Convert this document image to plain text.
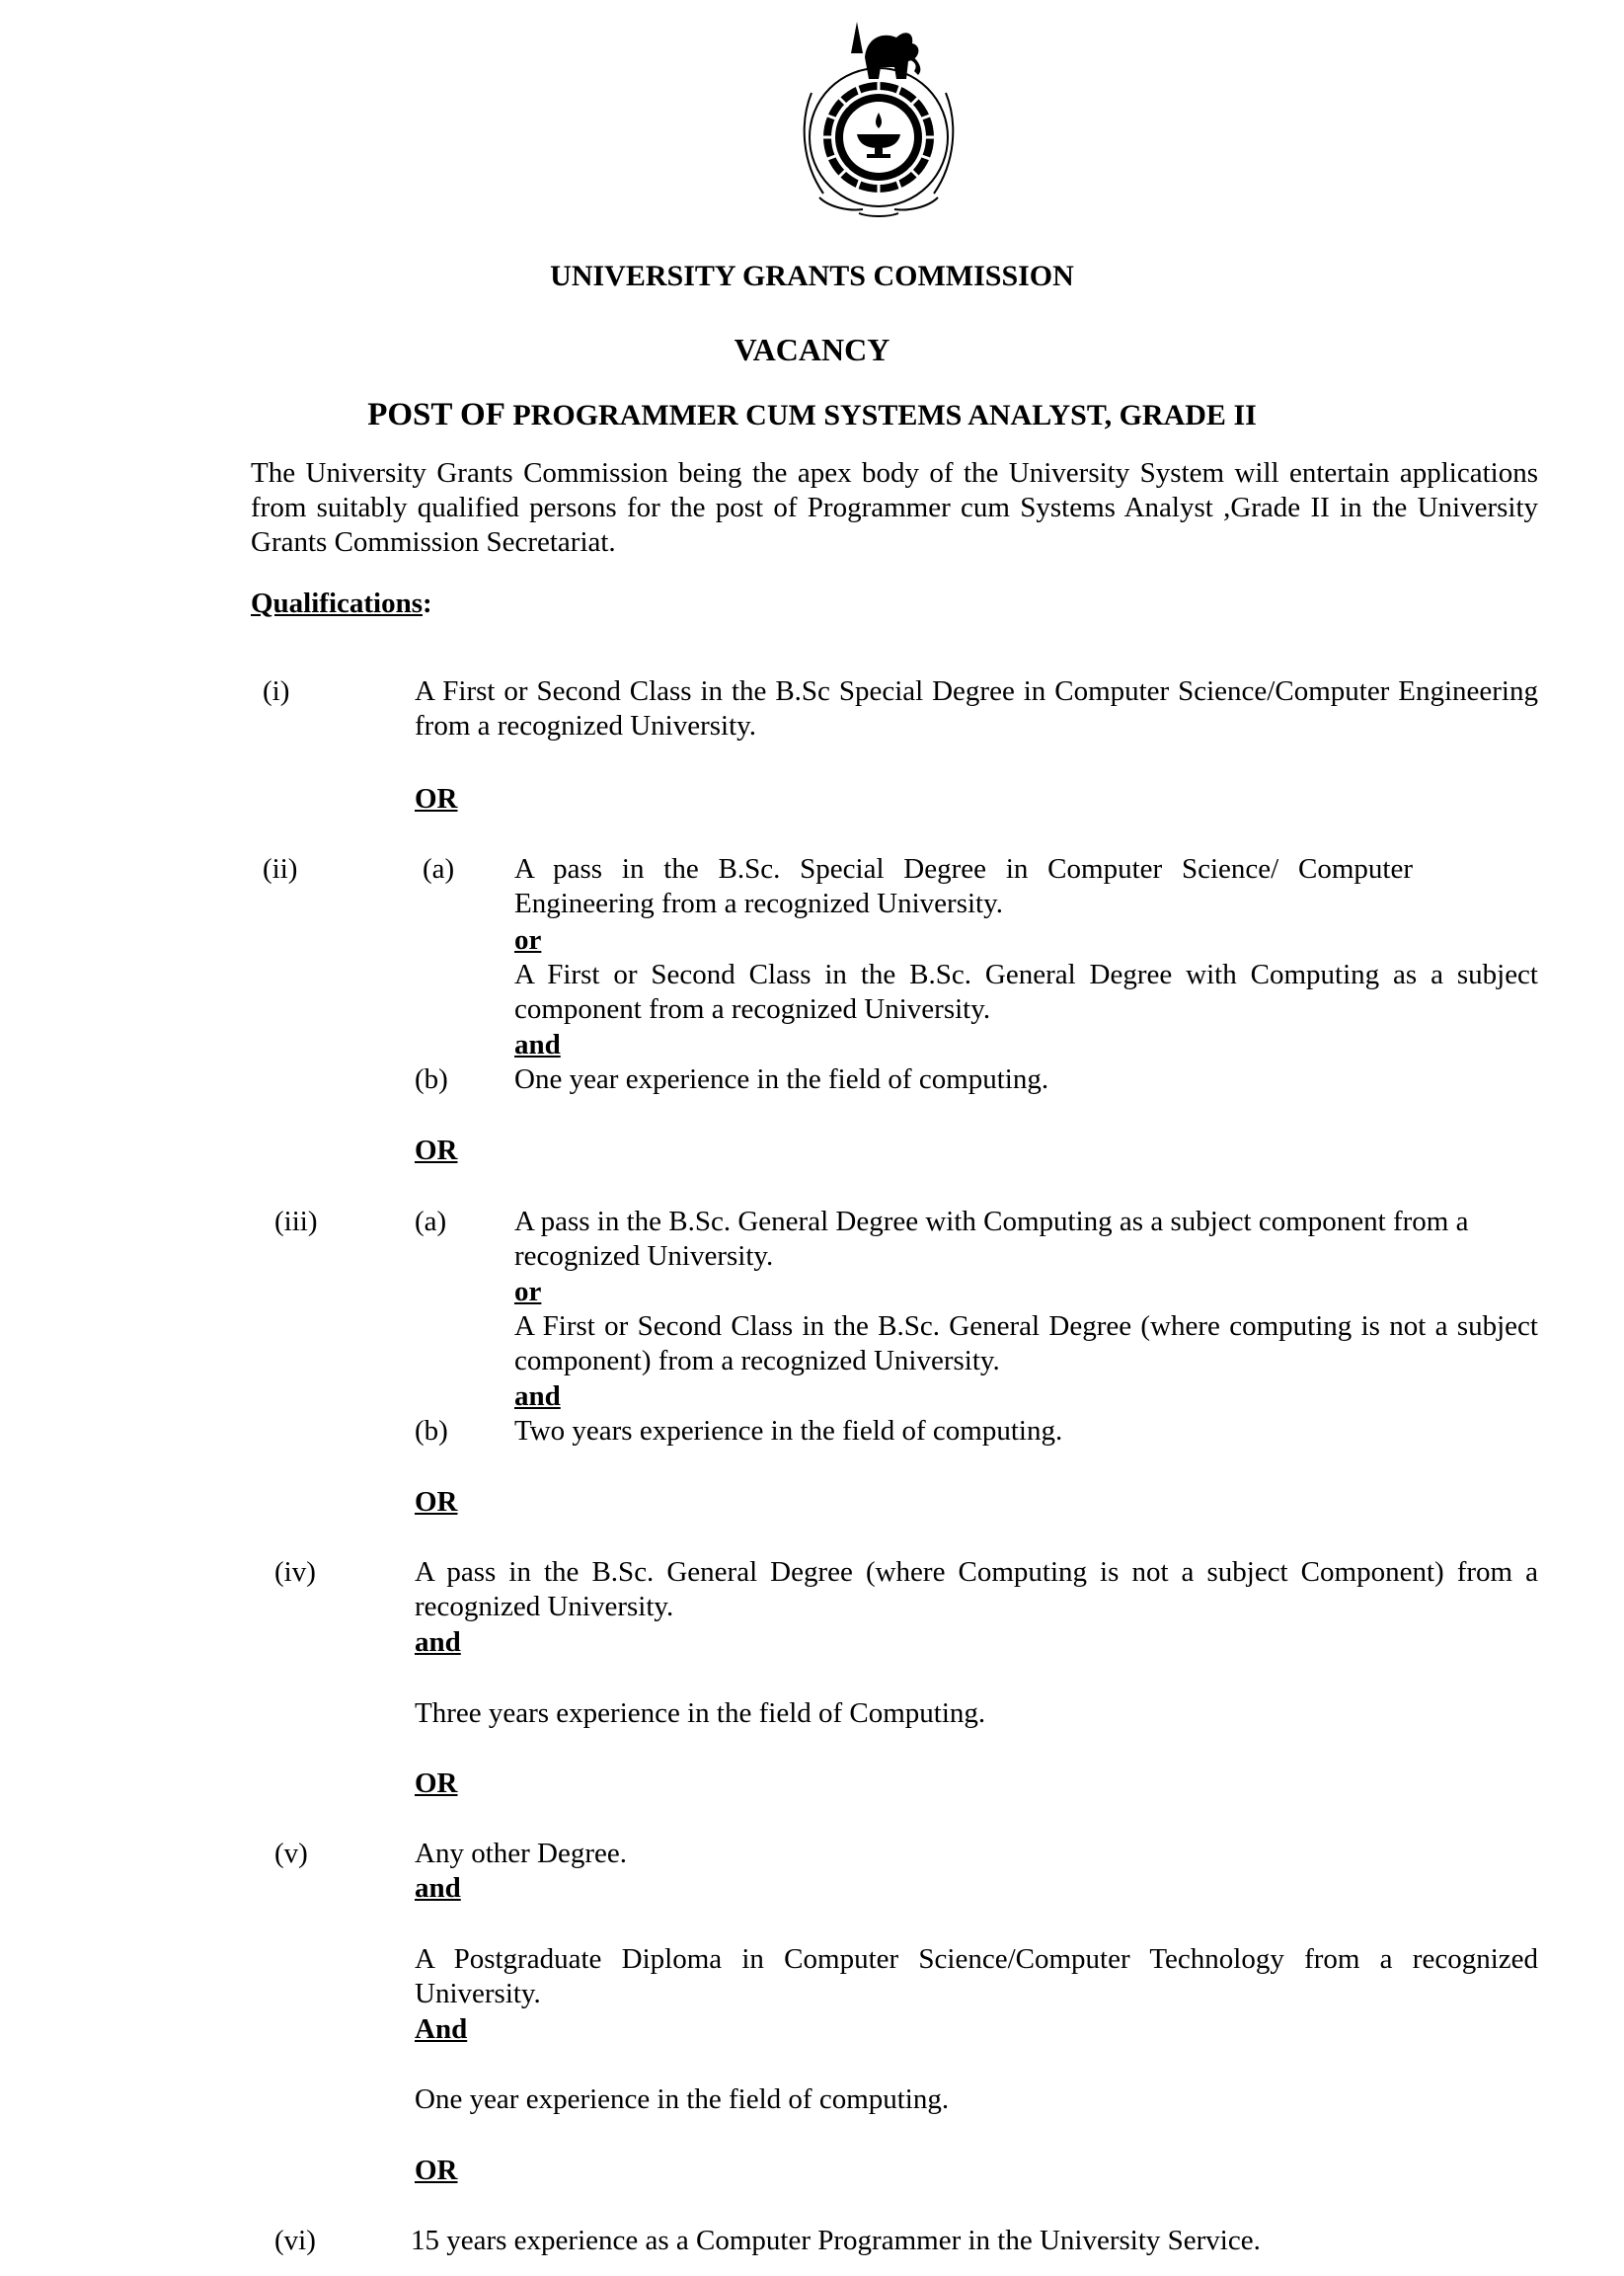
UNIVERSITY GRANTS COMMISSION
VACANCY
POST OF PROGRAMMER CUM SYSTEMS ANALYST, GRADE II
The University Grants Commission being the apex body of the University System will entertain applications from suitably qualified persons for the post of Programmer cum Systems Analyst ,Grade II in the University Grants Commission Secretariat.
Qualifications:
(i)	A First or Second Class in the B.Sc Special Degree in Computer Science/Computer Engineering from a recognized University.
OR
(ii)	(a) A pass in the B.Sc. Special Degree in Computer Science/ Computer Engineering from a recognized University.
or
A First or Second Class in the B.Sc. General Degree with Computing as a subject component from a recognized University.
and
(b) One year experience in the field of computing.
OR
(iii)	(a) A pass in the B.Sc. General Degree with Computing as a subject component from a recognized University.
or
A First or Second Class in the B.Sc. General Degree (where computing is not a subject component) from a recognized University.
and
(b) Two years experience in the field of computing.
OR
(iv)	A pass in the B.Sc. General Degree (where Computing is not a subject Component) from a recognized University.
and
Three years experience in the field of Computing.
OR
(v)	Any other Degree.
and
A Postgraduate Diploma in Computer Science/Computer Technology from a recognized University.
And
One year experience in the field of computing.
OR
(vi)	15 years experience as a Computer Programmer in the University Service.
